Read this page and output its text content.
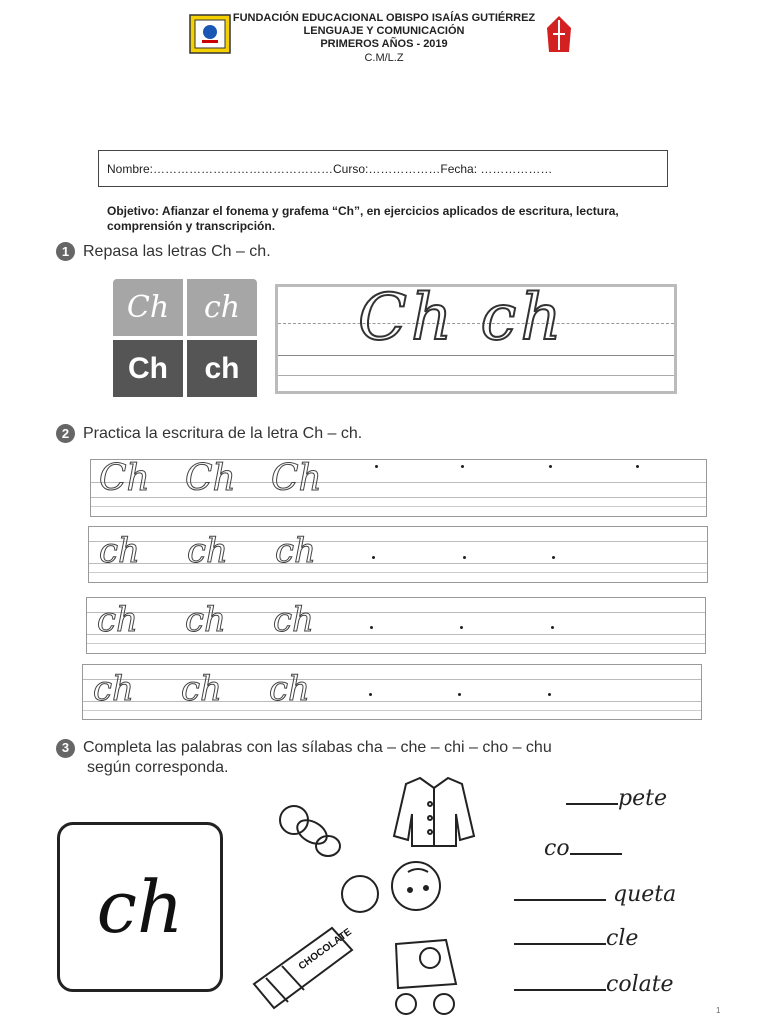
FUNDACIÓN EDUCACIONAL OBISPO ISAÍAS GUTIÉRREZ
LENGUAJE Y COMUNICACIÓN
PRIMEROS AÑOS - 2019
C.M/L.Z
Nombre:………………………………………Curso:………………Fecha: ………………
Objetivo: Afianzar el fonema y grafema “Ch”, en ejercicios aplicados de escritura, lectura, comprensión y transcripción.
1 Repasa las letras Ch – ch.
Ch	ch
Ch	ch
Ch ch
2 Practica la escritura de la letra Ch – ch.
Ch Ch Ch
ch ch ch
ch ch ch
ch ch ch
3 Completa las palabras con las sílabas cha – che – chi – cho – chu
según corresponda.
ch
CHOCOLATE
pete
co
queta
cle
colate
1
